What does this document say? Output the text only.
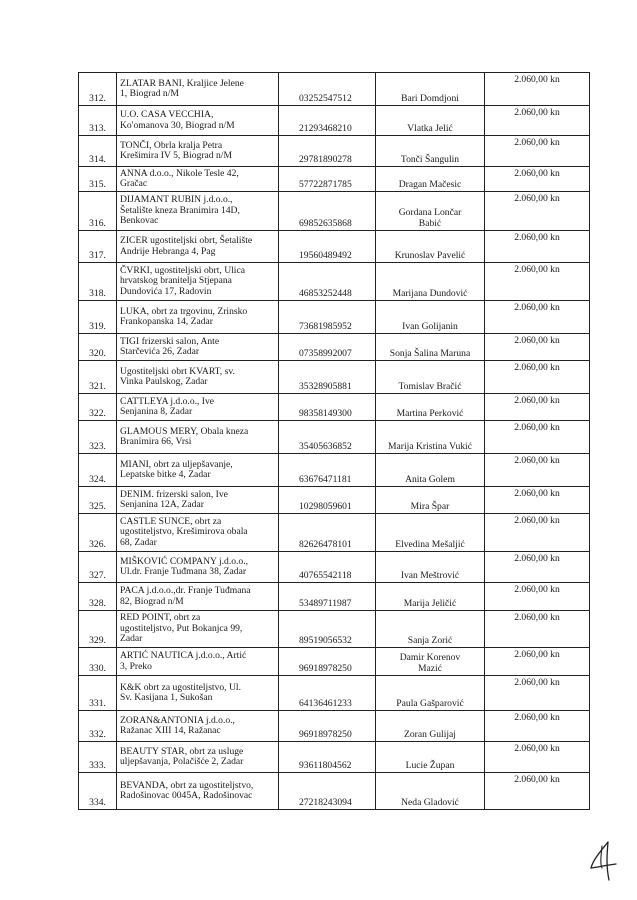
312.	ZLATAR BANI, Kraljice Jelene
1, Biograd n/M	03252547512	Bari Domdjoni	2.060,00 kn
313.	U.O. CASA VECCHIA,
Ko'omanova 30, Biograd n/M	21293468210	Vlatka Jelić	2.060,00 kn
314.	TONČI, Obrla kralja Petra
Krešimira IV 5, Biograd n/M	29781890278	Tonči Šangulin	2.060,00 kn
315.	ANNA d.o.o., Nikole Tesle 42,
Gračac	57722871785	Dragan Mačesic	2.060,00 kn
316.	DIJAMANT RUBIN j.d.o.o.,
Šetalište kneza Branimira 14D,
Benkovac	69852635868	Gordana Lončar
Babić	2.060,00 kn
317.	ZICER ugostiteljski obrt, Šetalište
Andrije Hebranga 4, Pag	19560489492	Krunoslav Pavelić	2.060,00 kn
318.	ČVRKI, ugostiteljski obrt, Ulica
hrvatskog branitelja Stjepana
Dundovića 17, Radovin	46853252448	Marijana Dundović	2.060,00 kn
319.	LUKA, obrt za trgovinu, Zrinsko
Frankopanska 14, Zadar	73681985952	Ivan Golijanin	2.060,00 kn
320.	TIGI frizerski salon, Ante
Starčevića 26, Zadar	07358992007	Sonja Šalina Maruna	2.060,00 kn
321.	Ugostiteljski obrt KVART, sv.
Vinka Paulskog, Zadar	35328905881	Tomislav Bračić	2.060,00 kn
322.	CATTLEYA j.d.o.o., Ive
Senjanina 8, Zadar	98358149300	Martina Perković	2.060,00 kn
323.	GLAMOUS MERY, Obala kneza
Branimira 66, Vrsi	35405636852	Marija Kristina Vukić	2.060,00 kn
324.	MIANI, obrt za uljepšavanje,
Lepatske bitke 4, Zadar	63676471181	Anita Golem	2.060,00 kn
325.	DENIM. frizerski salon, Ive
Senjanina 12A, Zadar	10298059601	Mira Špar	2.060,00 kn
326.	CASTLE SUNCE, obrt za
ugostiteljstvo, Krešimirova obala
68, Zadar	82626478101	Elvedina Mešaljić	2.060,00 kn
327.	MIŠKOVIĆ COMPANY j.d.o.o.,
Ul.dr. Franje Tuđmana 38, Zadar	40765542118	Ivan Meštrović	2.060,00 kn
328.	PACA j.d.o.o.,dr. Franje Tuđmana
82, Biograd n/M	53489711987	Marija Jeličić	2.060,00 kn
329.	RED POINT, obrt za
ugostiteljstvo, Put Bokanjca 99,
Zadar	89519056532	Sanja Zorić	2.060,00 kn
330.	ARTIĆ NAUTICA j.d.o.o., Artić
3, Preko	96918978250	Damir Korenov
Mazić	2.060,00 kn
331.	K&K obrt za ugostiteljstvo, Ul.
Sv. Kasijana 1, Sukošan	64136461233	Paula Gašparović	2.060,00 kn
332.	ZORAN&ANTONIA j.d.o.o.,
Ražanac XIII 14, Ražanac	96918978250	Zoran Gulijaj	2.060,00 kn
333.	BEAUTY STAR, obrt za usluge
uljepšavanja, Polačišće 2, Zadar	93611804562	Lucie Župan	2.060,00 kn
334.	BEVANDA, obrt za ugostiteljstvo,
Radošinovac 0045A, Radošinovac	27218243094	Neda Gladović	2.060,00 kn
